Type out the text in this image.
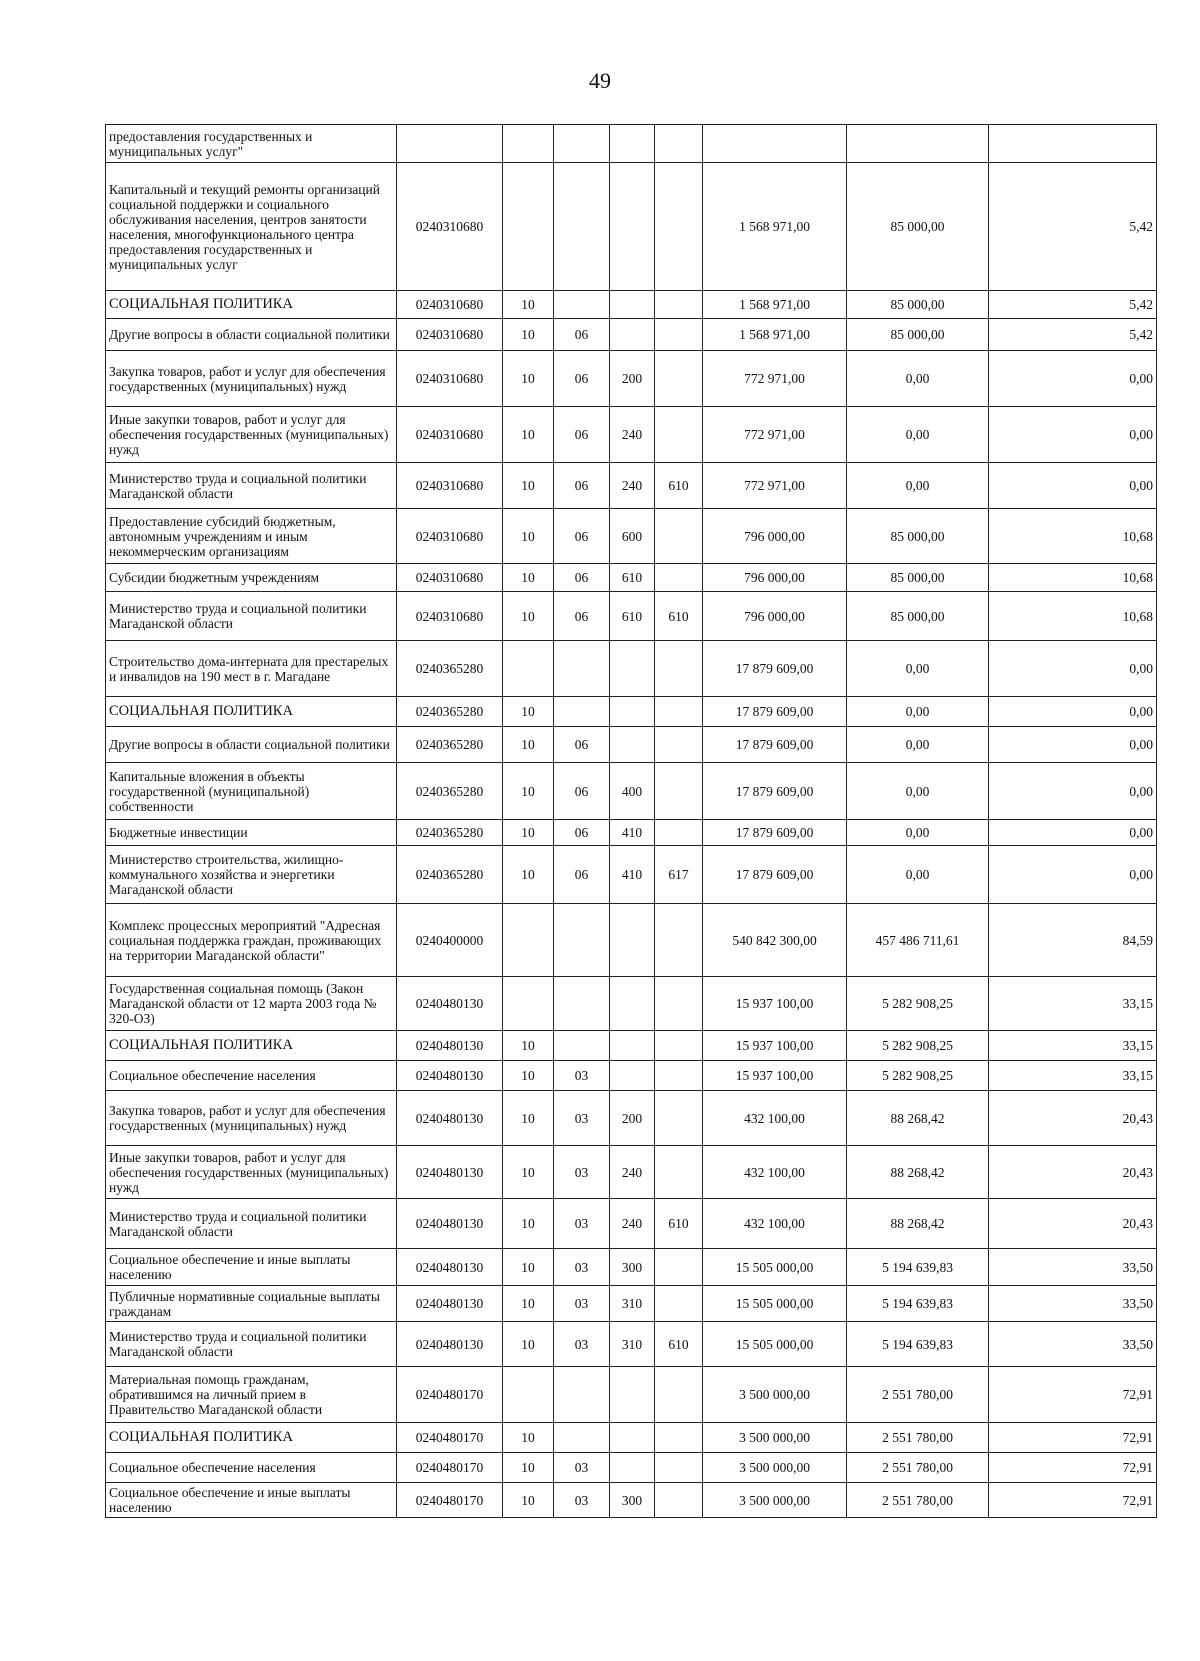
49
предоставления государственных и муниципальных услуг"								
Капитальный и текущий ремонты организаций социальной поддержки и социального обслуживания населения, центров занятости населения, многофункционального центра предоставления государственных и муниципальных услуг	0240310680					1 568 971,00	85 000,00	5,42
СОЦИАЛЬНАЯ ПОЛИТИКА	0240310680	10				1 568 971,00	85 000,00	5,42
Другие вопросы в области социальной политики	0240310680	10	06			1 568 971,00	85 000,00	5,42
Закупка товаров, работ и услуг для обеспечения государственных (муниципальных) нужд	0240310680	10	06	200		772 971,00	0,00	0,00
Иные закупки товаров, работ и услуг для обеспечения государственных (муниципальных) нужд	0240310680	10	06	240		772 971,00	0,00	0,00
Министерство труда и социальной политики Магаданской области	0240310680	10	06	240	610	772 971,00	0,00	0,00
Предоставление субсидий бюджетным, автономным учреждениям и иным некоммерческим организациям	0240310680	10	06	600		796 000,00	85 000,00	10,68
Субсидии бюджетным учреждениям	0240310680	10	06	610		796 000,00	85 000,00	10,68
Министерство труда и социальной политики Магаданской области	0240310680	10	06	610	610	796 000,00	85 000,00	10,68
Строительство дома-интерната для престарелых и инвалидов на 190 мест в г. Магадане	0240365280					17 879 609,00	0,00	0,00
СОЦИАЛЬНАЯ ПОЛИТИКА	0240365280	10				17 879 609,00	0,00	0,00
Другие вопросы в области социальной политики	0240365280	10	06			17 879 609,00	0,00	0,00
Капитальные вложения в объекты государственной (муниципальной) собственности	0240365280	10	06	400		17 879 609,00	0,00	0,00
Бюджетные инвестиции	0240365280	10	06	410		17 879 609,00	0,00	0,00
Министерство строительства, жилищно-коммунального хозяйства и энергетики Магаданской области	0240365280	10	06	410	617	17 879 609,00	0,00	0,00
Комплекс процессных мероприятий "Адресная социальная поддержка граждан, проживающих на территории Магаданской области"	0240400000					540 842 300,00	457 486 711,61	84,59
Государственная социальная помощь (Закон Магаданской области от 12 марта 2003 года № 320-ОЗ)	0240480130					15 937 100,00	5 282 908,25	33,15
СОЦИАЛЬНАЯ ПОЛИТИКА	0240480130	10				15 937 100,00	5 282 908,25	33,15
Социальное обеспечение населения	0240480130	10	03			15 937 100,00	5 282 908,25	33,15
Закупка товаров, работ и услуг для обеспечения государственных (муниципальных) нужд	0240480130	10	03	200		432 100,00	88 268,42	20,43
Иные закупки товаров, работ и услуг для обеспечения государственных (муниципальных) нужд	0240480130	10	03	240		432 100,00	88 268,42	20,43
Министерство труда и социальной политики Магаданской области	0240480130	10	03	240	610	432 100,00	88 268,42	20,43
Социальное обеспечение и иные выплаты населению	0240480130	10	03	300		15 505 000,00	5 194 639,83	33,50
Публичные нормативные социальные выплаты гражданам	0240480130	10	03	310		15 505 000,00	5 194 639,83	33,50
Министерство труда и социальной политики Магаданской области	0240480130	10	03	310	610	15 505 000,00	5 194 639,83	33,50
Материальная помощь гражданам, обратившимся на личный прием в Правительство Магаданской области	0240480170					3 500 000,00	2 551 780,00	72,91
СОЦИАЛЬНАЯ ПОЛИТИКА	0240480170	10				3 500 000,00	2 551 780,00	72,91
Социальное обеспечение населения	0240480170	10	03			3 500 000,00	2 551 780,00	72,91
Социальное обеспечение и иные выплаты населению	0240480170	10	03	300		3 500 000,00	2 551 780,00	72,91
